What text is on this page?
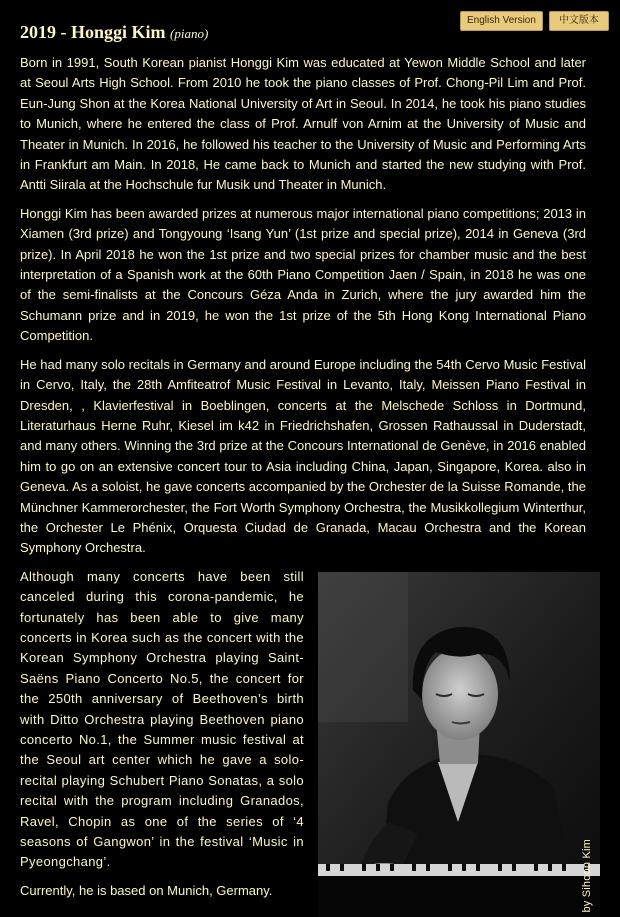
English Version	中文版本
2019 - Honggi Kim (piano)

Born in 1991, South Korean pianist Honggi Kim was educated at Yewon Middle School and later at Seoul Arts High School. From 2010 he took the piano classes of Prof. Chong-Pil Lim and Prof. Eun-Jung Shon at the Korea National University of Art in Seoul. In 2014, he took his piano studies to Munich, where he entered the class of Prof. Arnulf von Arnim at the University of Music and Theater in Munich. In 2016, he followed his teacher to the University of Music and Performing Arts in Frankfurt am Main. In 2018, He came back to Munich and started the new studying with Prof. Antti Siirala at the Hochschule fur Musik und Theater in Munich.

Honggi Kim has been awarded prizes at numerous major international piano competitions; 2013 in Xiamen (3rd prize) and Tongyoung ‘Isang Yun’ (1st prize and special prize), 2014 in Geneva (3rd prize). In April 2018 he won the 1st prize and two special prizes for chamber music and the best interpretation of a Spanish work at the 60th Piano Competition Jaen / Spain, in 2018 he was one of the semi-finalists at the Concours Géza Anda in Zurich, where the jury awarded him the Schumann prize and in 2019, he won the 1st prize of the 5th Hong Kong International Piano Competition.

He had many solo recitals in Germany and around Europe including the 54th Cervo Music Festival in Cervo, Italy, the 28th Amfiteatrof Music Festival in Levanto, Italy, Meissen Piano Festival in Dresden, , Klavierfestival in Boeblingen, concerts at the Melschede Schloss in Dortmund, Literaturhaus Herne Ruhr, Kiesel im k42 in Friedrichshafen, Grossen Rathaussal in Duderstadt, and many others. Winning the 3rd prize at the Concours International de Genève, in 2016 enabled him to go on an extensive concert tour to Asia including China, Japan, Singapore, Korea. also in Geneva. As a soloist, he gave concerts accompanied by the Orchester de la Suisse Romande, the Münchner Kammerorchester, the Fort Worth Symphony Orchestra, the Musikkollegium Winterthur, the Orchester Le Phénix, Orquesta Ciudad de Granada, Macau Orchestra and the Korean Symphony Orchestra.

Although many concerts have been still canceled during this corona-pandemic, he fortunately has been able to give many concerts in Korea such as the concert with the Korean Symphony Orchestra playing Saint-Saëns Piano Concerto No.5, the concert for the 250th anniversary of Beethoven’s birth with Ditto Orchestra playing Beethoven piano concerto No.1, the Summer music festival at the Seoul art center which he gave a solo-recital playing Schubert Piano Sonatas, a solo recital with the program including Granados, Ravel, Chopin as one of the series of ‘4 seasons of Gangwon’ in the festival ‘Music in Pyeongchang’.

Currently, he is based on Munich, Germany.	by Sihoon Kim
